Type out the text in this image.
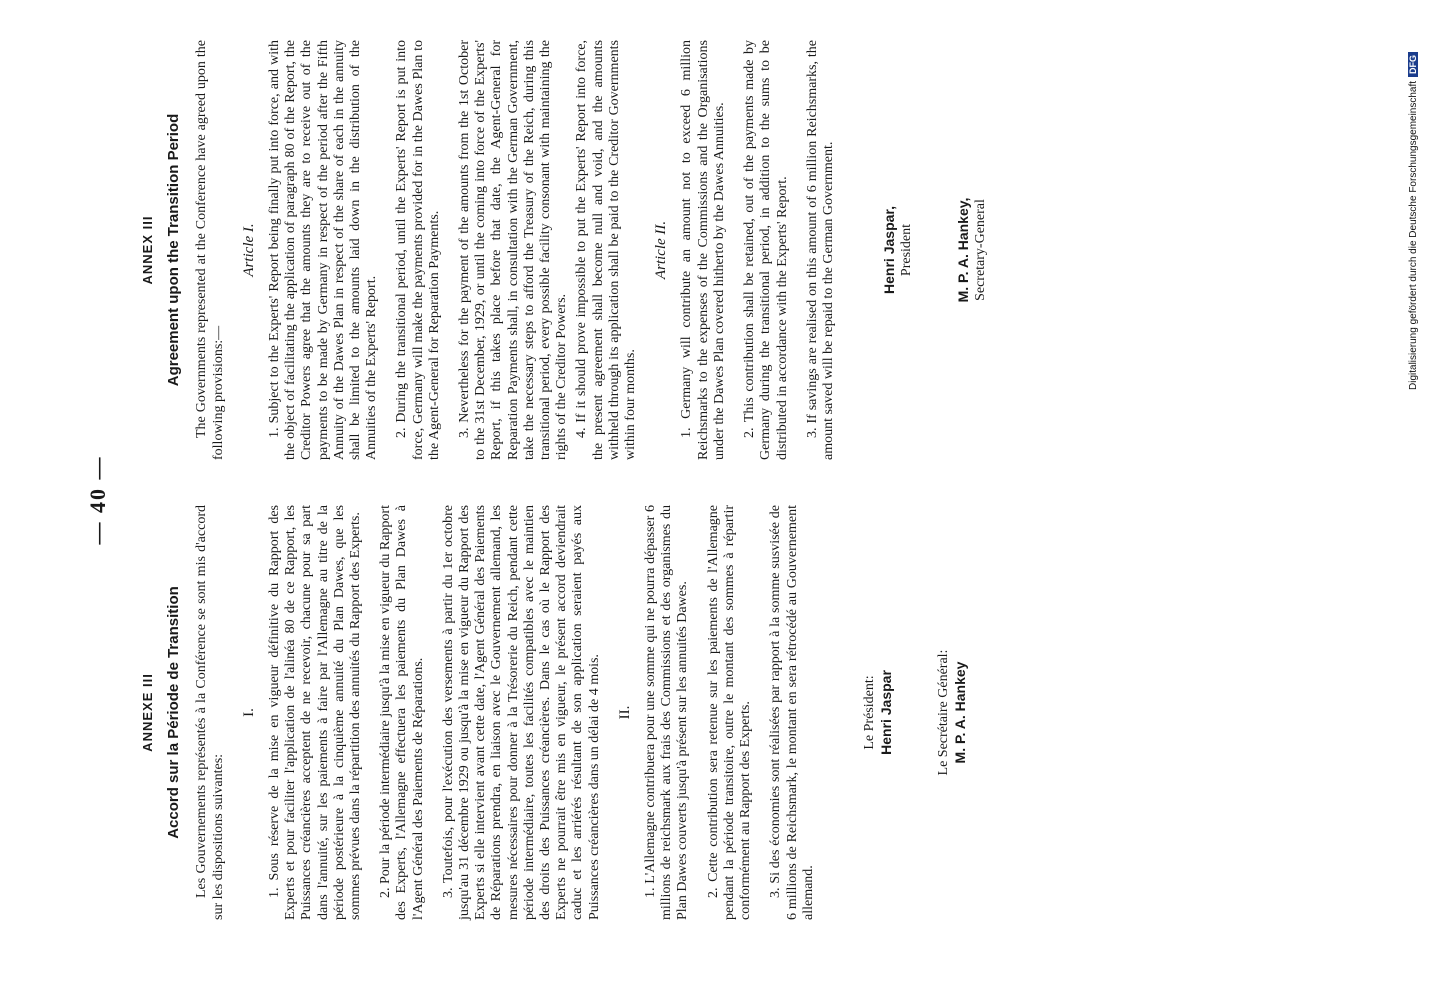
— 40 —
ANNEXE III Accord sur la Période de Transition Les Gouvernements représentés à la Conférence se sont mis d'accord sur les dispositions suivantes:

I. 1. Sous réserve de la mise en vigueur définitive du Rapport des Experts et pour faciliter l'application de l'alinéa 80 de ce Rapport, les Puissances créancières acceptent de ne recevoir, chacune pour sa part dans l'annuité, sur les paiements à faire par l'Allemagne au titre de la période postérieure à la cinquième annuité du Plan Dawes, que les sommes prévues dans la répartition des annuités du Rapport des Experts. 2. Pour la période intermédiaire jusqu'à la mise en vigueur du Rapport des Experts, l'Allemagne effectuera les paiements du Plan Dawes à l'Agent Général des Paiements de Réparations. 3. Toutefois, pour l'exécution des versements à partir du 1er octobre jusqu'au 31 décembre 1929 ou jusqu'à la mise en vigueur du Rapport des Experts si elle intervient avant cette date, l'Agent Général des Paiements de Réparations prendra, en liaison avec le Gouvernement allemand, les mesures nécessaires pour donner à la Trésorerie du Reich, pendant cette période intermédiaire, toutes les facilités compatibles avec le maintien des droits des Puissances créancières. Dans le cas où le Rapport des Experts ne pourrait être mis en vigueur, le présent accord deviendrait caduc et les arriérés résultant de son application seraient payés aux Puissances créancières dans un délai de 4 mois. II. 1. L'Allemagne contribuera pour une somme qui ne pourra dépasser 6 millions de reichsmark aux frais des Commissions et des organismes du Plan Dawes couverts jusqu'à présent sur les annuités Dawes. 2. Cette contribution sera retenue sur les paiements de l'Allemagne pendant la période transitoire, outre le montant des sommes à répartir conformément au Rapport des Experts. 3. Si des économies sont réalisées par rapport à la somme susvisée de 6 millions de Reichsmark, le montant en sera rétrocédé au Gouvernement allemand.

Le Président: Henri Jaspar	Le Secrétaire Général: M. P. A. Hankey
ANNEX III Agreement upon the Transition Period The Governments represented at the Conference have agreed upon the following provisions:—

Article I. 1. Subject to the Experts' Report being finally put into force, and with the object of facilitating the application of paragraph 80 of the Report, the Creditor Powers agree that the amounts they are to receive out of the payments to be made by Germany in respect of the period after the Fifth Annuity of the Dawes Plan in respect of the share of each in the annuity shall be limited to the amounts laid down in the distribution of the Annuities of the Experts' Report. 2. During the transitional period, until the Experts' Report is put into force, Germany will make the payments provided for in the Dawes Plan to the Agent-General for Reparation Payments. 3. Nevertheless for the payment of the amounts from the 1st October to the 31st December, 1929, or until the coming into force of the Experts' Report, if this takes place before that date, the Agent-General for Reparation Payments shall, in consultation with the German Government, take the necessary steps to afford the Treasury of the Reich, during this transitional period, every possible facility consonant with maintaining the rights of the Creditor Powers. 4. If it should prove impossible to put the Experts' Report into force, the present agreement shall become null and void, and the amounts withheld through its application shall be paid to the Creditor Governments within four months.

Article II. 1. Germany will contribute an amount not to exceed 6 million Reichsmarks to the expenses of the Commissions and the Organisations under the Dawes Plan covered hitherto by the Dawes Annuities. 2. This contribution shall be retained, out of the payments made by Germany during the transitional period, in addition to the sums to be distributed in accordance with the Experts' Report. 3. If savings are realised on this amount of 6 million Reichsmarks, the amount saved will be repaid to the German Government.	Henri Jaspar, President	M. P. A. Hankey, Secretary-General	Digitalisierung gefördert durch die Deutsche ForschungsgemeinschaftDFG
